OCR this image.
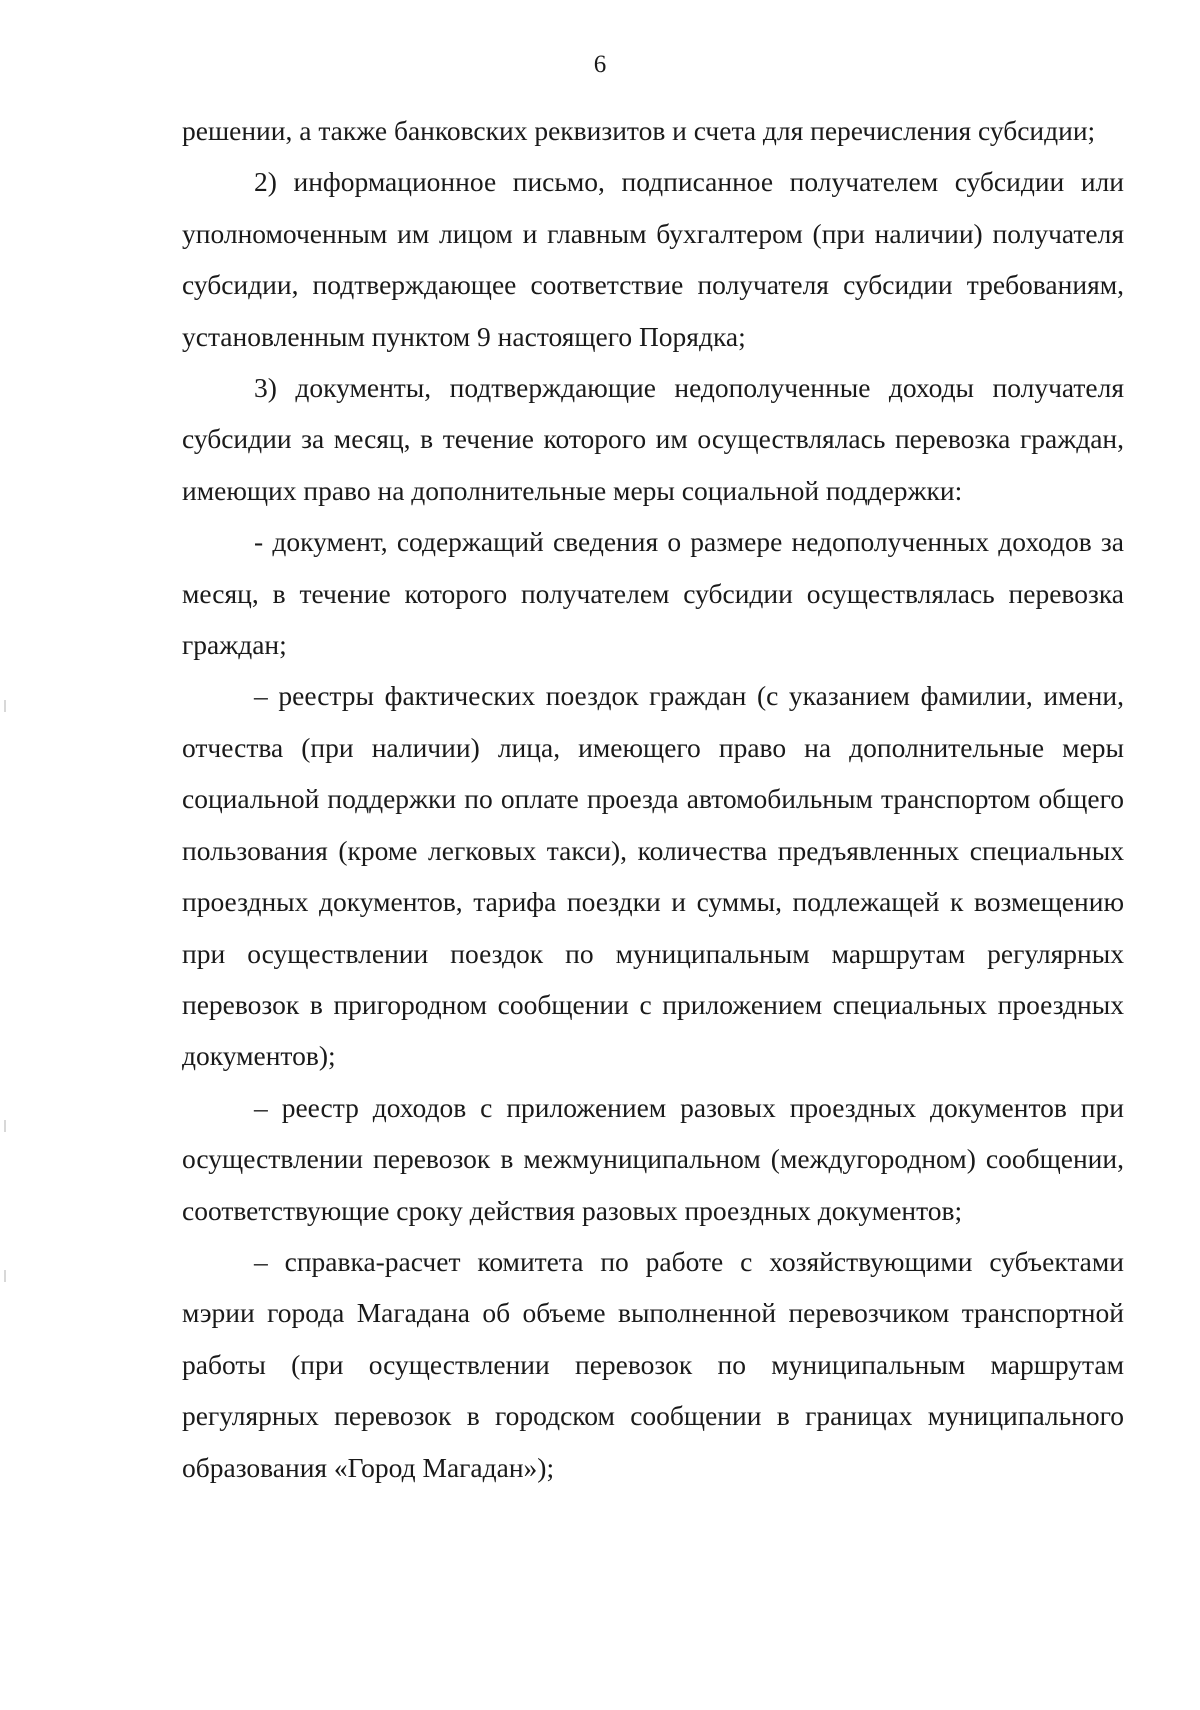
6

решении, а также банковских реквизитов и счета для перечисления субсидии;

2) информационное письмо, подписанное получателем субсидии или уполномоченным им лицом и главным бухгалтером (при наличии) получателя субсидии, подтверждающее соответствие получателя субсидии требованиям, установленным пунктом 9 настоящего Порядка;

3) документы, подтверждающие недополученные доходы получателя субсидии за месяц, в течение которого им осуществлялась перевозка граждан, имеющих право на дополнительные меры социальной поддержки:

- документ, содержащий сведения о размере недополученных доходов за месяц, в течение которого получателем субсидии осуществлялась перевозка граждан;

– реестры фактических поездок граждан (с указанием фамилии, имени, отчества (при наличии) лица, имеющего право на дополнительные меры социальной поддержки по оплате проезда автомобильным транспортом общего пользования (кроме легковых такси), количества предъявленных специальных проездных документов, тарифа поездки и суммы, подлежащей к возмещению при осуществлении поездок по муниципальным маршрутам регулярных перевозок в пригородном сообщении с приложением специальных проездных документов);

– реестр доходов с приложением разовых проездных документов при осуществлении перевозок в межмуниципальном (междугородном) сообщении, соответствующие сроку действия разовых проездных документов;

– справка-расчет комитета по работе с хозяйствующими субъектами мэрии города Магадана об объеме выполненной перевозчиком транспортной работы (при осуществлении перевозок по муниципальным маршрутам регулярных перевозок в городском сообщении в границах муниципального образования «Город Магадан»);
